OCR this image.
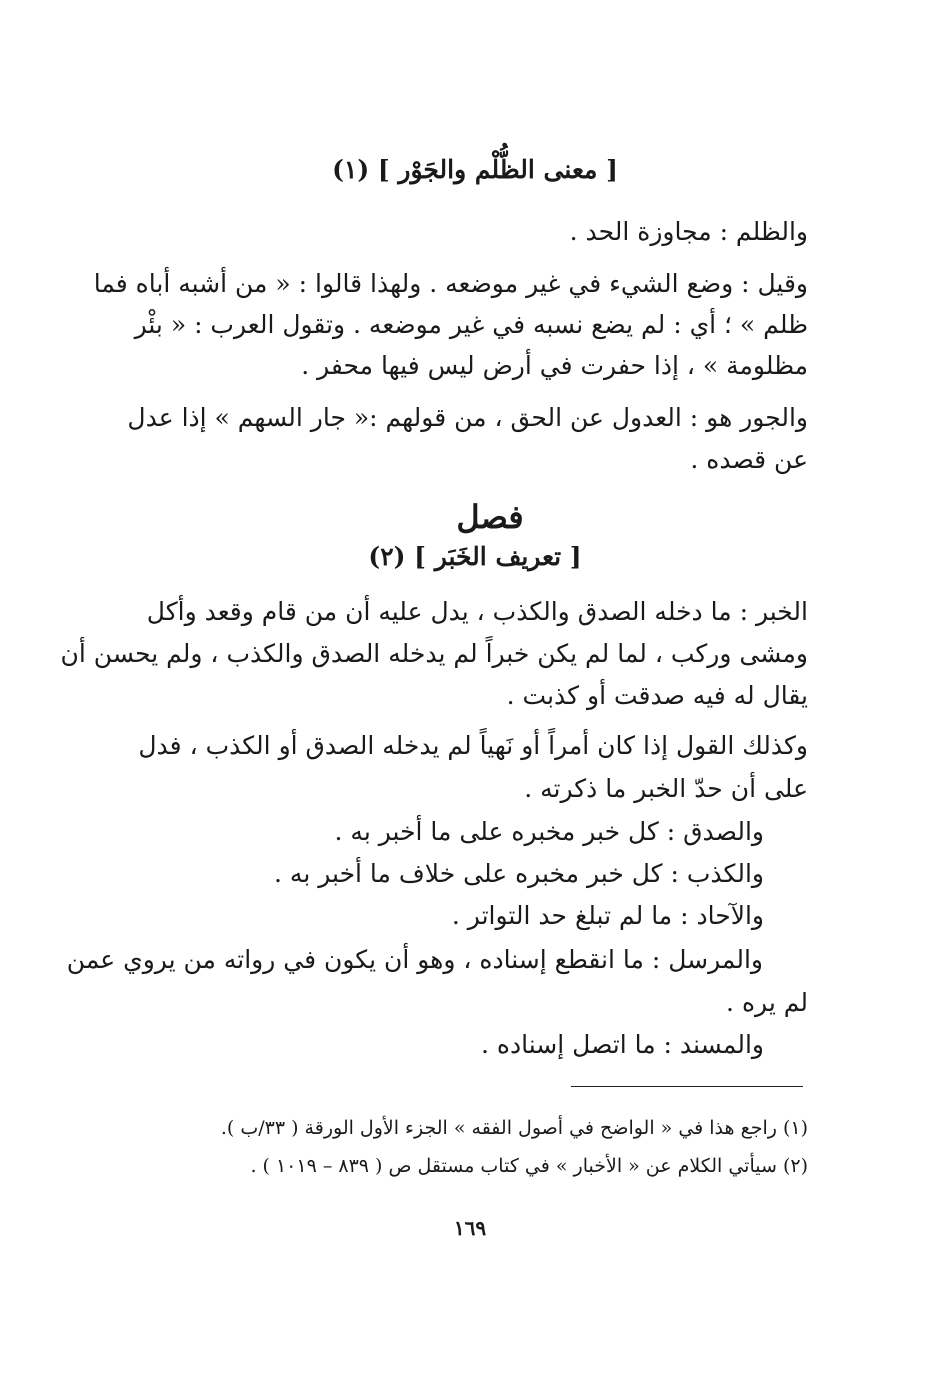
[ معنى الظُّلْم والجَوْر ] (١)
والظلم : مجاوزة الحد .
وقيل : وضع الشيء في غير موضعه . ولهذا قالوا : « من أشبه أباه فما
ظلم » ؛ أي : لم يضع نسبه في غير موضعه . وتقول العرب : « بئْر
مظلومة » ، إذا حفرت في أرض ليس فيها محفر .
والجور هو : العدول عن الحق ، من قولهم :« جار السهم » إذا عدل
عن قصده .
فصل
[ تعريف الخَبَر ] (٢)
الخبر : ما دخله الصدق والكذب ، يدل عليه أن من قام وقعد وأكل
ومشى وركب ، لما لم يكن خبراً لم يدخله الصدق والكذب ، ولم يحسن أن
يقال له فيه صدقت أو كذبت .
وكذلك القول إذا كان أمراً أو نَهياً لم يدخله الصدق أو الكذب ، فدل
على أن حدّ الخبر ما ذكرته .
والصدق : كل خبر مخبره على ما أخبر به .
والكذب : كل خبر مخبره على خلاف ما أخبر به .
والآحاد : ما لم تبلغ حد التواتر .
والمرسل : ما انقطع إسناده ، وهو أن يكون في رواته من يروي عمن
لم يره .
والمسند : ما اتصل إسناده .
(١) راجع هذا في « الواضح في أصول الفقه » الجزء الأول الورقة ( ٣٣/ب ).
(٢) سيأتي الكلام عن « الأخبار » في كتاب مستقل ص ( ٨٣٩ – ١٠١٩ ) .
١٦٩
